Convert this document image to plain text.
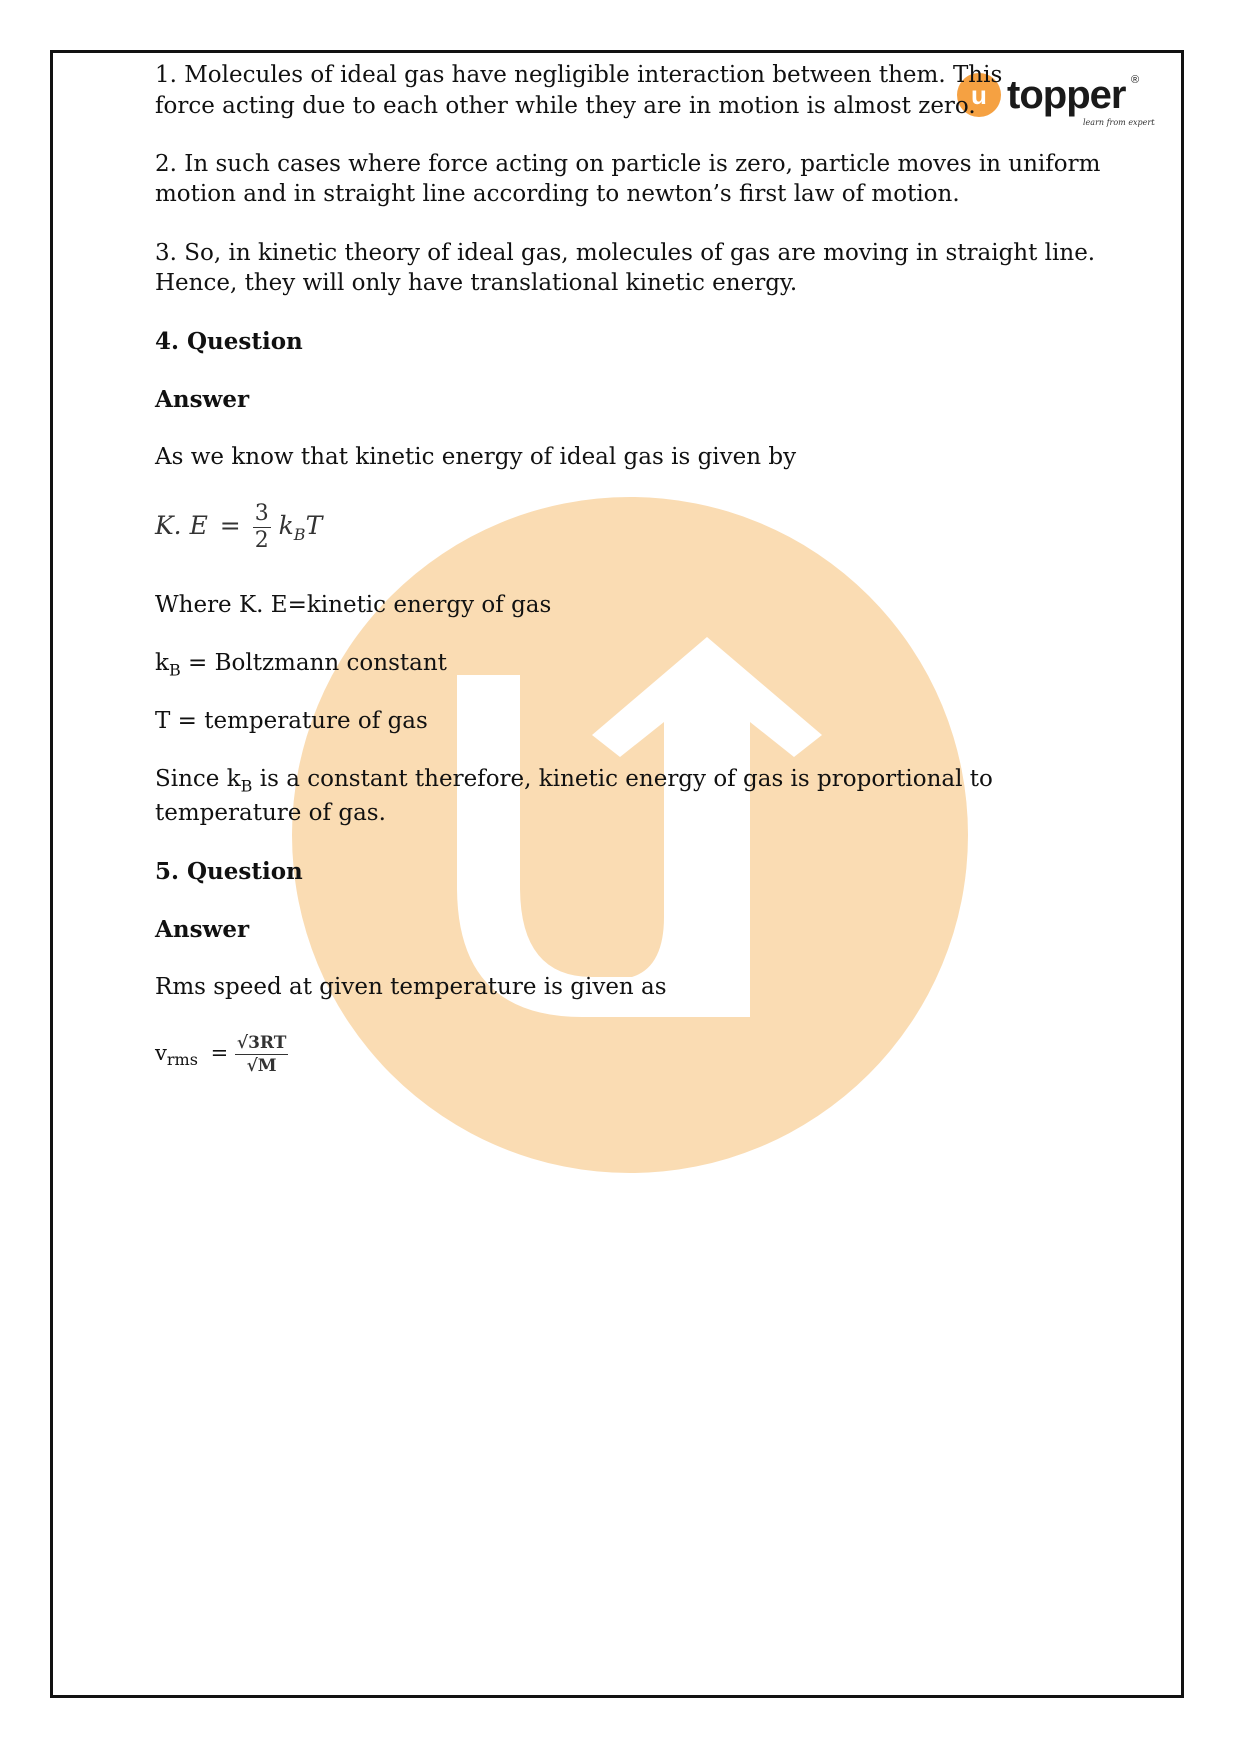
u topper ®
learn from experts

1. Molecules of ideal gas have negligible interaction between them. This

force acting due to each other while they are in motion is almost zero.

2. In such cases where force acting on particle is zero, particle moves in uniform

motion and in straight line according to newton’s first law of motion.

3. So, in kinetic theory of ideal gas, molecules of gas are moving in straight line.

Hence, they will only have translational kinetic energy.

4. Question

Answer

As we know that kinetic energy of ideal gas is given by

K. $E = \frac{3}{2} k_BT$

Where K. E=kinetic energy of gas

$k_B$ = Boltzmann constant

T = temperature of gas

Since $k_B$ is a constant therefore, kinetic energy of gas is proportional to

temperature of gas.

5. Question

Answer

Rms speed at given temperature is given as

$v_{rms} = \frac{√3RT}{√M}$
